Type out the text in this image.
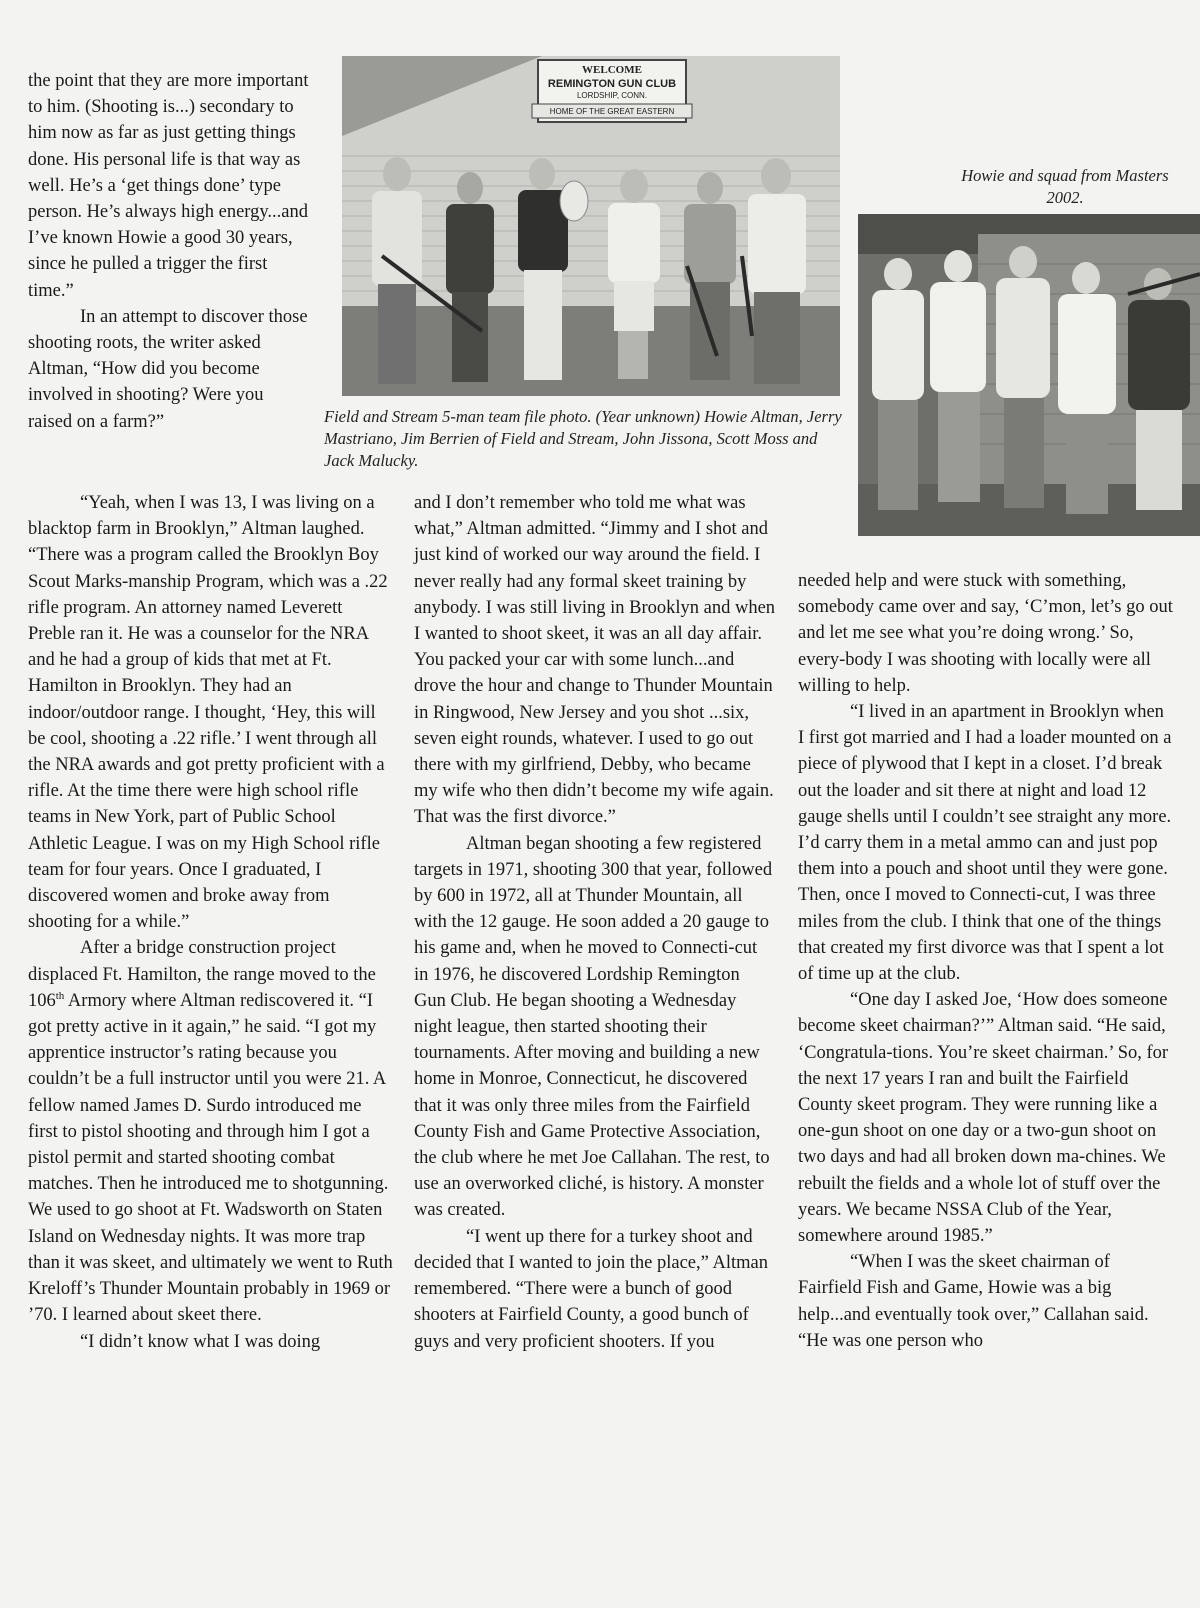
WELCOME
REMINGTON GUN CLUB
LORDSHIP, CONN.
HOME OF THE GREAT EASTERN
Field and Stream 5-man team file photo. (Year unknown) Howie Altman, Jerry Mastriano, Jim Berrien of Field and Stream, John Jissona, Scott Moss and Jack Malucky.
Howie and squad from Masters 2002.

the point that they are more important to him. (Shooting is...) secondary to him now as far as just getting things done. His personal life is that way as well. He’s a ‘get things done’ type person. He’s always high energy...and I’ve known Howie a good 30 years, since he pulled a trigger the first time.”

In an attempt to discover those shooting roots, the writer asked Altman, “How did you become involved in shooting? Were you raised on a farm?”

“Yeah, when I was 13, I was living on a blacktop farm in Brooklyn,” Altman laughed. “There was a program called the Brooklyn Boy Scout Marks-manship Program, which was a .22 rifle program. An attorney named Leverett Preble ran it. He was a counselor for the NRA and he had a group of kids that met at Ft. Hamilton in Brooklyn. They had an indoor/outdoor range. I thought, ‘Hey, this will be cool, shooting a .22 rifle.’ I went through all the NRA awards and got pretty proficient with a rifle. At the time there were high school rifle teams in New York, part of Public School Athletic League. I was on my High School rifle team for four years. Once I graduated, I discovered women and broke away from shooting for a while.”

After a bridge construction project displaced Ft. Hamilton, the range moved to the 106th Armory where Altman rediscovered it. “I got pretty active in it again,” he said. “I got my apprentice instructor’s rating because you couldn’t be a full instructor until you were 21. A fellow named James D. Surdo introduced me first to pistol shooting and through him I got a pistol permit and started shooting combat matches. Then he introduced me to shotgunning. We used to go shoot at Ft. Wadsworth on Staten Island on Wednesday nights. It was more trap than it was skeet, and ultimately we went to Ruth Kreloff’s Thunder Mountain probably in 1969 or ’70. I learned about skeet there.

“I didn’t know what I was doing

and I don’t remember who told me what was what,” Altman admitted. “Jimmy and I shot and just kind of worked our way around the field. I never really had any formal skeet training by anybody. I was still living in Brooklyn and when I wanted to shoot skeet, it was an all day affair. You packed your car with some lunch...and drove the hour and change to Thunder Mountain in Ringwood, New Jersey and you shot ...six, seven eight rounds, whatever. I used to go out there with my girlfriend, Debby, who became my wife who then didn’t become my wife again. That was the first divorce.”

Altman began shooting a few registered targets in 1971, shooting 300 that year, followed by 600 in 1972, all at Thunder Mountain, all with the 12 gauge. He soon added a 20 gauge to his game and, when he moved to Connecti-cut in 1976, he discovered Lordship Remington Gun Club. He began shooting a Wednesday night league, then started shooting their tournaments. After moving and building a new home in Monroe, Connecticut, he discovered that it was only three miles from the Fairfield County Fish and Game Protective Association, the club where he met Joe Callahan. The rest, to use an overworked cliché, is history. A monster was created.

“I went up there for a turkey shoot and decided that I wanted to join the place,” Altman remembered. “There were a bunch of good shooters at Fairfield County, a good bunch of guys and very proficient shooters. If you

needed help and were stuck with something, somebody came over and say, ‘C’mon, let’s go out and let me see what you’re doing wrong.’ So, every-body I was shooting with locally were all willing to help.

“I lived in an apartment in Brooklyn when I first got married and I had a loader mounted on a piece of plywood that I kept in a closet. I’d break out the loader and sit there at night and load 12 gauge shells until I couldn’t see straight any more. I’d carry them in a metal ammo can and just pop them into a pouch and shoot until they were gone. Then, once I moved to Connecti-cut, I was three miles from the club. I think that one of the things that created my first divorce was that I spent a lot of time up at the club.

“One day I asked Joe, ‘How does someone become skeet chairman?’” Altman said. “He said, ‘Congratula-tions. You’re skeet chairman.’ So, for the next 17 years I ran and built the Fairfield County skeet program. They were running like a one-gun shoot on one day or a two-gun shoot on two days and had all broken down ma-chines. We rebuilt the fields and a whole lot of stuff over the years. We became NSSA Club of the Year, somewhere around 1985.”

“When I was the skeet chairman of Fairfield Fish and Game, Howie was a big help...and eventually took over,” Callahan said. “He was one person who
